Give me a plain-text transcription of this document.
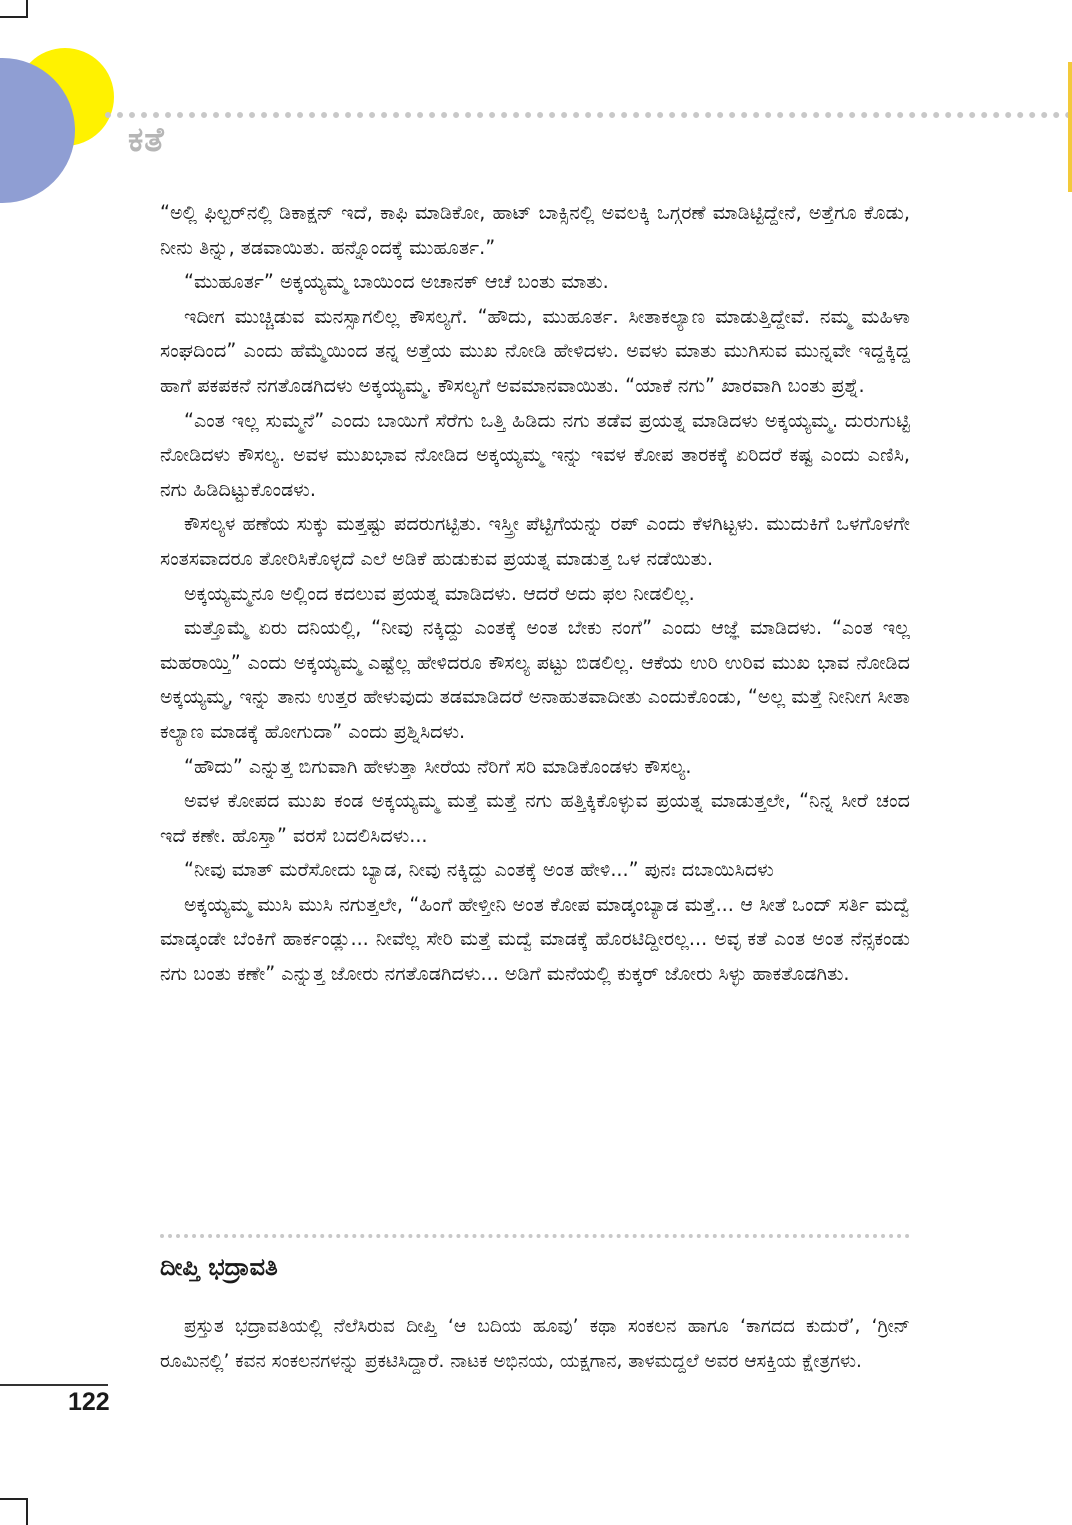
ಕತೆ

“ಅಲ್ಲಿ ಫಿಲ್ಟರ್‌ನಲ್ಲಿ ಡಿಕಾಕ್ಷನ್ ಇದೆ, ಕಾಫಿ ಮಾಡಿಕೋ, ಹಾಟ್ ಬಾಕ್ಸಿನಲ್ಲಿ ಅವಲಕ್ಕಿ ಒಗ್ಗರಣೆ ಮಾಡಿಟ್ಟಿದ್ದೇನೆ, ಅತ್ತೆಗೂ ಕೊಡು, ನೀನು ತಿನ್ನು, ತಡವಾಯಿತು. ಹನ್ನೊಂದಕ್ಕೆ ಮುಹೂರ್ತ.”

“ಮುಹೂರ್ತ” ಅಕ್ಕಯ್ಯಮ್ಮ ಬಾಯಿಂದ ಅಚಾನಕ್ ಆಚೆ ಬಂತು ಮಾತು.

ಇದೀಗ ಮುಚ್ಚಿಡುವ ಮನಸ್ಸಾಗಲಿಲ್ಲ ಕೌಸಲ್ಯಗೆ. “ಹೌದು, ಮುಹೂರ್ತ. ಸೀತಾಕಲ್ಯಾಣ ಮಾಡುತ್ತಿದ್ದೇವೆ. ನಮ್ಮ ಮಹಿಳಾ ಸಂಘದಿಂದ” ಎಂದು ಹೆಮ್ಮೆಯಿಂದ ತನ್ನ ಅತ್ತೆಯ ಮುಖ ನೋಡಿ ಹೇಳಿದಳು. ಅವಳು ಮಾತು ಮುಗಿಸುವ ಮುನ್ನವೇ ಇದ್ದಕ್ಕಿದ್ದ ಹಾಗೆ ಪಕಪಕನೆ ನಗತೊಡಗಿದಳು ಅಕ್ಕಯ್ಯಮ್ಮ. ಕೌಸಲ್ಯಗೆ ಅವಮಾನವಾಯಿತು. “ಯಾಕೆ ನಗು” ಖಾರವಾಗಿ ಬಂತು ಪ್ರಶ್ನೆ.

“ಎಂತ ಇಲ್ಲ ಸುಮ್ಮನೆ” ಎಂದು ಬಾಯಿಗೆ ಸೆರೆಗು ಒತ್ತಿ ಹಿಡಿದು ನಗು ತಡೆವ ಪ್ರಯತ್ನ ಮಾಡಿದಳು ಅಕ್ಕಯ್ಯಮ್ಮ. ದುರುಗುಟ್ಟಿ ನೋಡಿದಳು ಕೌಸಲ್ಯ. ಅವಳ ಮುಖಭಾವ ನೋಡಿದ ಅಕ್ಕಯ್ಯಮ್ಮ ಇನ್ನು ಇವಳ ಕೋಪ ತಾರಕಕ್ಕೆ ಏರಿದರೆ ಕಷ್ಟ ಎಂದು ಎಣಿಸಿ, ನಗು ಹಿಡಿದಿಟ್ಟುಕೊಂಡಳು.

ಕೌಸಲ್ಯಳ ಹಣೆಯ ಸುಕ್ಕು ಮತ್ತಷ್ಟು ಪದರುಗಟ್ಟಿತು. ಇಸ್ತ್ರೀ ಪೆಟ್ಟಿಗೆಯನ್ನು ರಪ್ ಎಂದು ಕೆಳಗಿಟ್ಟಳು. ಮುದುಕಿಗೆ ಒಳಗೊಳಗೇ ಸಂತಸವಾದರೂ ತೋರಿಸಿಕೊಳ್ಳದೆ ಎಲೆ ಅಡಿಕೆ ಹುಡುಕುವ ಪ್ರಯತ್ನ ಮಾಡುತ್ತ ಒಳ ನಡೆಯಿತು.

ಅಕ್ಕಯ್ಯಮ್ಮನೂ ಅಲ್ಲಿಂದ ಕದಲುವ ಪ್ರಯತ್ನ ಮಾಡಿದಳು. ಆದರೆ ಅದು ಫಲ ನೀಡಲಿಲ್ಲ.

ಮತ್ತೊಮ್ಮೆ ಏರು ದನಿಯಲ್ಲಿ, “ನೀವು ನಕ್ಕಿದ್ದು ಎಂತಕ್ಕೆ ಅಂತ ಬೇಕು ನಂಗೆ” ಎಂದು ಆಜ್ಞೆ ಮಾಡಿದಳು. “ಎಂತ ಇಲ್ಲ ಮಹರಾಯ್ತಿ” ಎಂದು ಅಕ್ಕಯ್ಯಮ್ಮ ಎಷ್ಟೆಲ್ಲ ಹೇಳಿದರೂ ಕೌಸಲ್ಯ ಪಟ್ಟು ಬಿಡಲಿಲ್ಲ. ಆಕೆಯ ಉರಿ ಉರಿವ ಮುಖ ಭಾವ ನೋಡಿದ ಅಕ್ಕಯ್ಯಮ್ಮ, ಇನ್ನು ತಾನು ಉತ್ತರ ಹೇಳುವುದು ತಡಮಾಡಿದರೆ ಅನಾಹುತವಾದೀತು ಎಂದುಕೊಂಡು, “ಅಲ್ಲ ಮತ್ತೆ ನೀನೀಗ ಸೀತಾ ಕಲ್ಯಾಣ ಮಾಡಕ್ಕೆ ಹೋಗುದಾ” ಎಂದು ಪ್ರಶ್ನಿಸಿದಳು.

“ಹೌದು” ಎನ್ನುತ್ತ ಬಿಗುವಾಗಿ ಹೇಳುತ್ತಾ ಸೀರೆಯ ನೆರಿಗೆ ಸರಿ ಮಾಡಿಕೊಂಡಳು ಕೌಸಲ್ಯ.

ಅವಳ ಕೋಪದ ಮುಖ ಕಂಡ ಅಕ್ಕಯ್ಯಮ್ಮ ಮತ್ತೆ ಮತ್ತೆ ನಗು ಹತ್ತಿಕ್ಕಿಕೊಳ್ಳುವ ಪ್ರಯತ್ನ ಮಾಡುತ್ತಲೇ, “ನಿನ್ನ ಸೀರೆ ಚಂದ ಇದೆ ಕಣೇ. ಹೊಸ್ತಾ” ವರಸೆ ಬದಲಿಸಿದಳು...

“ನೀವು ಮಾತ್ ಮರೆಸೋದು ಬ್ಯಾಡ, ನೀವು ನಕ್ಕಿದ್ದು ಎಂತಕ್ಕೆ ಅಂತ ಹೇಳಿ...” ಪುನಃ ದಬಾಯಿಸಿದಳು

ಅಕ್ಕಯ್ಯಮ್ಮ ಮುಸಿ ಮುಸಿ ನಗುತ್ತಲೇ, “ಹಿಂಗೆ ಹೇಳ್ತೀನಿ ಅಂತ ಕೋಪ ಮಾಡ್ಕಂಬ್ಯಾಡ ಮತ್ತೆ... ಆ ಸೀತೆ ಒಂದ್ ಸರ್ತಿ ಮದ್ವೆ ಮಾಡ್ಕಂಡೇ ಬೆಂಕಿಗೆ ಹಾರ್ಕಂಡ್ಲು... ನೀವೆಲ್ಲ ಸೇರಿ ಮತ್ತೆ ಮದ್ವೆ ಮಾಡಕ್ಕೆ ಹೊರಟಿದ್ದೀರಲ್ಲ... ಅವ್ಳ ಕತೆ ಎಂತ ಅಂತ ನೆನ್ಸಕಂಡು ನಗು ಬಂತು ಕಣೇ” ಎನ್ನುತ್ತ ಜೋರು ನಗತೊಡಗಿದಳು... ಅಡಿಗೆ ಮನೆಯಲ್ಲಿ ಕುಕ್ಕರ್ ಜೋರು ಸಿಳ್ಳು ಹಾಕತೊಡಗಿತು.

ದೀಪ್ತಿ ಭದ್ರಾವತಿ

ಪ್ರಸ್ತುತ ಭದ್ರಾವತಿಯಲ್ಲಿ ನೆಲೆಸಿರುವ ದೀಪ್ತಿ ‘ಆ ಬದಿಯ ಹೂವು’ ಕಥಾ ಸಂಕಲನ ಹಾಗೂ ‘ಕಾಗದದ ಕುದುರೆ’, ‘ಗ್ರೀನ್ ರೂಮಿನಲ್ಲಿ’ ಕವನ ಸಂಕಲನಗಳನ್ನು ಪ್ರಕಟಿಸಿದ್ದಾರೆ. ನಾಟಕ ಅಭಿನಯ, ಯಕ್ಷಗಾನ, ತಾಳಮದ್ದಲೆ ಅವರ ಆಸಕ್ತಿಯ ಕ್ಷೇತ್ರಗಳು.

122
